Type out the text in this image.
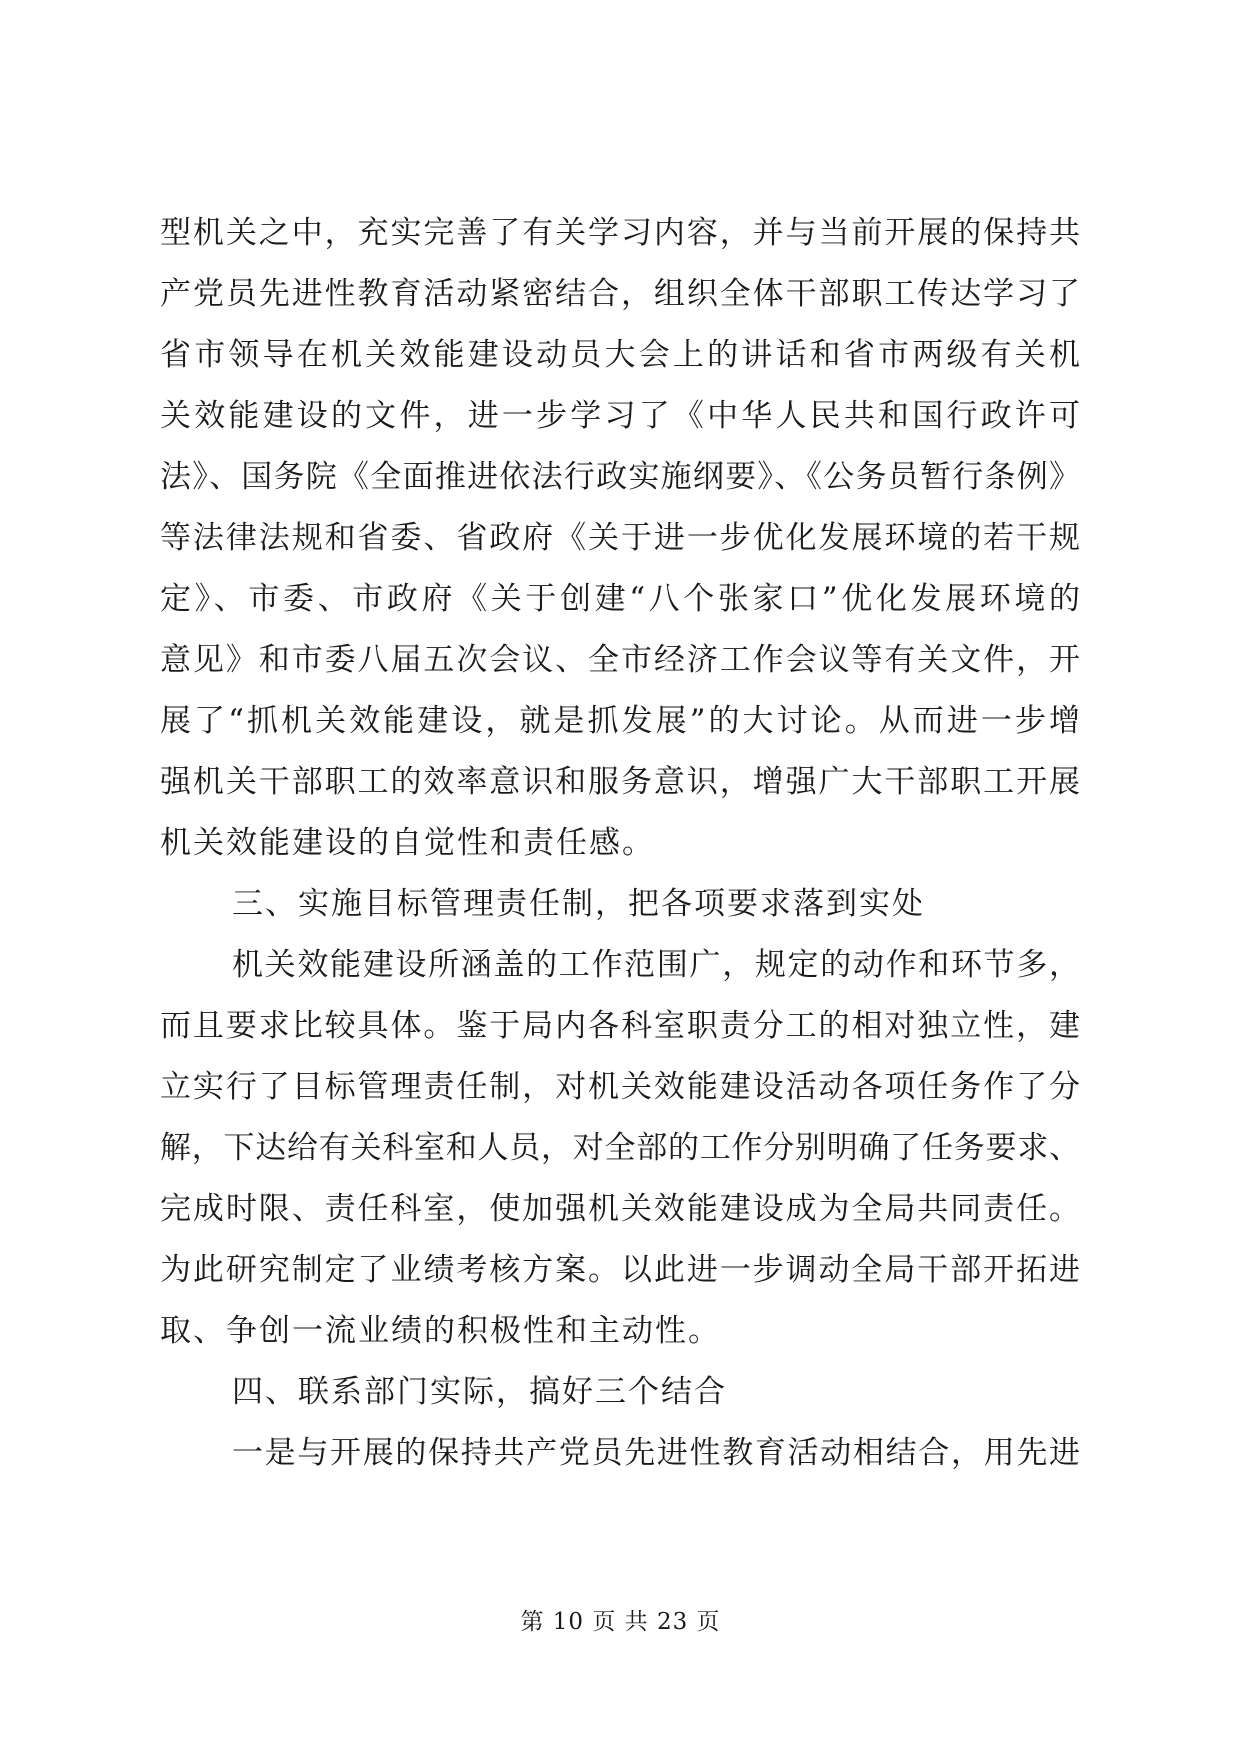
型机关之中，充实完善了有关学习内容，并与当前开展的保持共
产党员先进性教育活动紧密结合，组织全体干部职工传达学习了
省市领导在机关效能建设动员大会上的讲话和省市两级有关机
关效能建设的文件，进一步学习了《中华人民共和国行政许可
法》、国务院《全面推进依法行政实施纲要》、《公务员暂行条例》
等法律法规和省委、省政府《关于进一步优化发展环境的若干规
定》、市委、市政府《关于创建“八个张家口”优化发展环境的
意见》和市委八届五次会议、全市经济工作会议等有关文件，开
展了“抓机关效能建设，就是抓发展”的大讨论。从而进一步增
强机关干部职工的效率意识和服务意识，增强广大干部职工开展
机关效能建设的自觉性和责任感。
三、实施目标管理责任制，把各项要求落到实处
机关效能建设所涵盖的工作范围广，规定的动作和环节多，
而且要求比较具体。鉴于局内各科室职责分工的相对独立性，建
立实行了目标管理责任制，对机关效能建设活动各项任务作了分
解，下达给有关科室和人员，对全部的工作分别明确了任务要求、
完成时限、责任科室，使加强机关效能建设成为全局共同责任。
为此研究制定了业绩考核方案。以此进一步调动全局干部开拓进
取、争创一流业绩的积极性和主动性。
四、联系部门实际，搞好三个结合
一是与开展的保持共产党员先进性教育活动相结合，用先进
第 10 页 共 23 页
